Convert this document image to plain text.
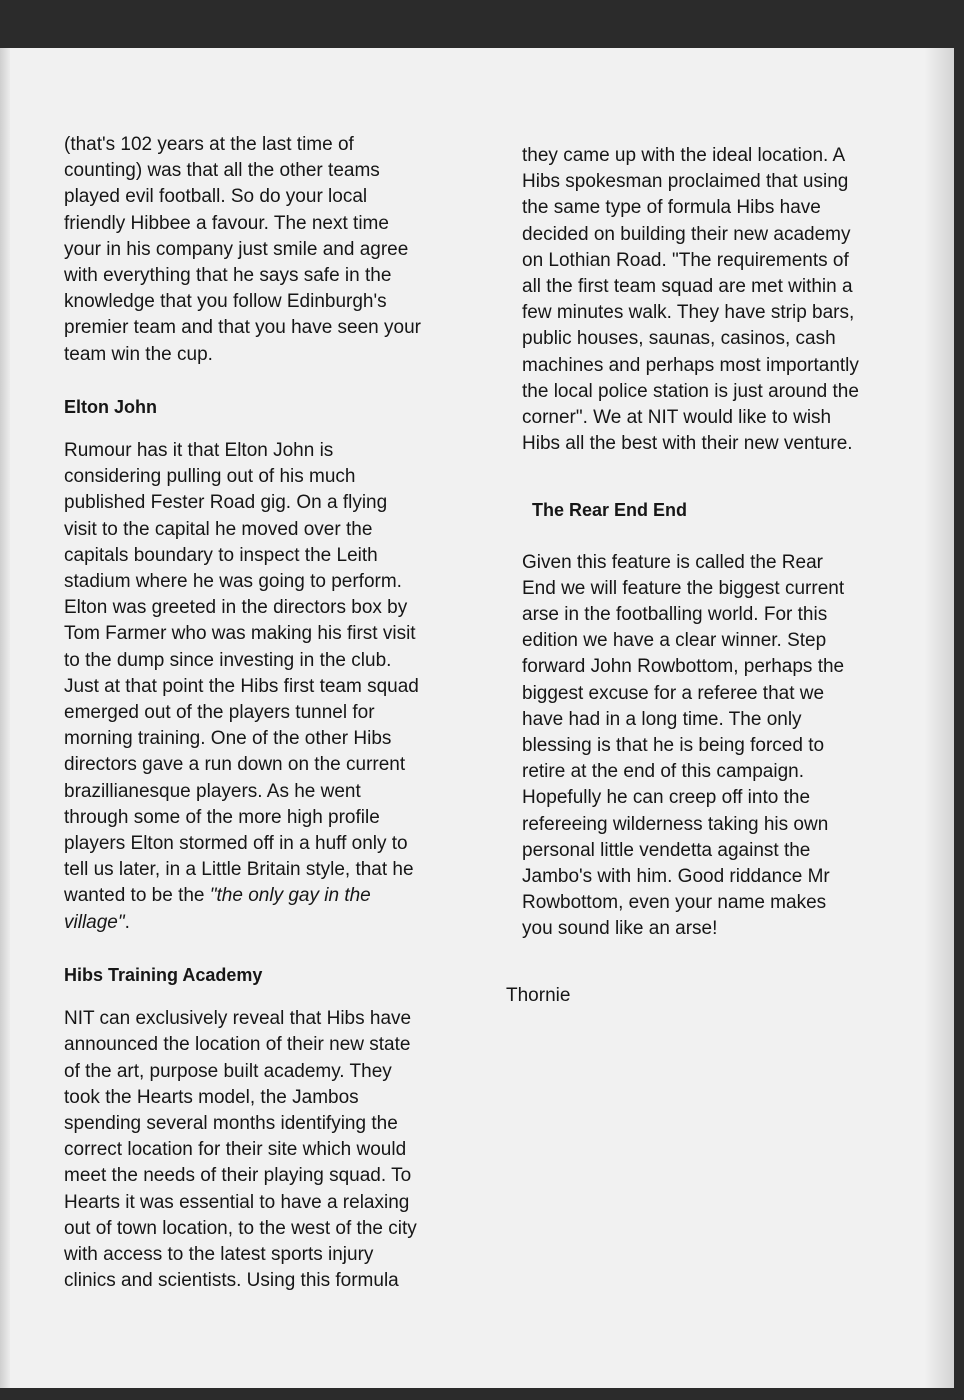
(that's 102 years at the last time of
counting) was that all the other teams
played evil football. So do your local
friendly Hibbee a favour. The next time
your in his company just smile and agree
with everything that he says safe in the
knowledge that you follow Edinburgh's
premier team and that you have seen your
team win the cup.

Elton John

Rumour has it that Elton John is
considering pulling out of his much
published Fester Road gig. On a flying
visit to the capital he moved over the
capitals boundary to inspect the Leith
stadium where he was going to perform.
Elton was greeted in the directors box by
Tom Farmer who was making his first visit
to the dump since investing in the club.
Just at that point the Hibs first team squad
emerged out of the players tunnel for
morning training. One of the other Hibs
directors gave a run down on the current
brazillianesque players. As he went
through some of the more high profile
players Elton stormed off in a huff only to
tell us later, in a Little Britain style, that he
wanted to be the "the only gay in the
village".

Hibs Training Academy

NIT can exclusively reveal that Hibs have
announced the location of their new state
of the art, purpose built academy. They
took the Hearts model, the Jambos
spending several months identifying the
correct location for their site which would
meet the needs of their playing squad. To
Hearts it was essential to have a relaxing
out of town location, to the west of the city
with access to the latest sports injury
clinics and scientists. Using this formula

they came up with the ideal location. A
Hibs spokesman proclaimed that using
the same type of formula Hibs have
decided on building their new academy
on Lothian Road. "The requirements of
all the first team squad are met within a
few minutes walk. They have strip bars,
public houses, saunas, casinos, cash
machines and perhaps most importantly
the local police station is just around the
corner". We at NIT would like to wish
Hibs all the best with their new venture.

The Rear End End

Given this feature is called the Rear
End we will feature the biggest current
arse in the footballing world. For this
edition we have a clear winner. Step
forward John Rowbottom, perhaps the
biggest excuse for a referee that we
have had in a long time. The only
blessing is that he is being forced to
retire at the end of this campaign.
Hopefully he can creep off into the
refereeing wilderness taking his own
personal little vendetta against the
Jambo's with him. Good riddance Mr
Rowbottom, even your name makes
you sound like an arse!

Thornie
